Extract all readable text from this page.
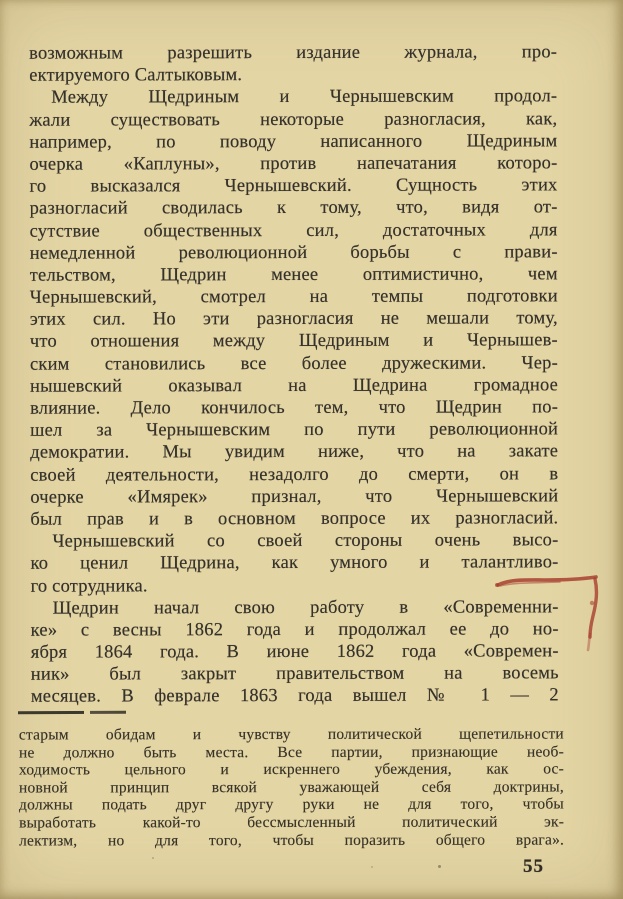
возможным разрешить издание журнала, про-
ектируемого Салтыковым.
Между Щедриным и Чернышевским продол-
жали существовать некоторые разногласия, как,
например, по поводу написанного Щедриным
очерка «Каплуны», против напечатания которо-
го высказался Чернышевский. Сущность этих
разногласий сводилась к тому, что, видя от-
сутствие общественных сил, достаточных для
немедленной революционной борьбы с прави-
тельством, Щедрин менее оптимистично, чем
Чернышевский, смотрел на темпы подготовки
этих сил. Но эти разногласия не мешали тому,
что отношения между Щедриным и Чернышев-
ским становились все более дружескими. Чер-
нышевский оказывал на Щедрина громадное
влияние. Дело кончилось тем, что Щедрин по-
шел за Чернышевским по пути революционной
демократии. Мы увидим ниже, что на закате
своей деятельности, незадолго до смерти, он в
очерке «Имярек» признал, что Чернышевский
был прав и в основном вопросе их разногласий.
Чернышевский со своей стороны очень высо-
ко ценил Щедрина, как умного и талантливо-
го сотрудника.
Щедрин начал свою работу в «Современни-
ке» с весны 1862 года и продолжал ее до но-
ября 1864 года. В июне 1862 года «Современ-
ник» был закрыт правительством на восемь
месяцев. В феврале 1863 года вышел № 1 — 2
старым обидам и чувству политической щепетильности
не должно быть места. Все партии, признающие необ-
ходимость цельного и искреннего убеждения, как ос-
новной принцип всякой уважающей себя доктрины,
должны подать друг другу руки не для того, чтобы
выработать какой-то бессмысленный политический эк-
лектизм, но для того, чтобы поразить общего врага».
55
